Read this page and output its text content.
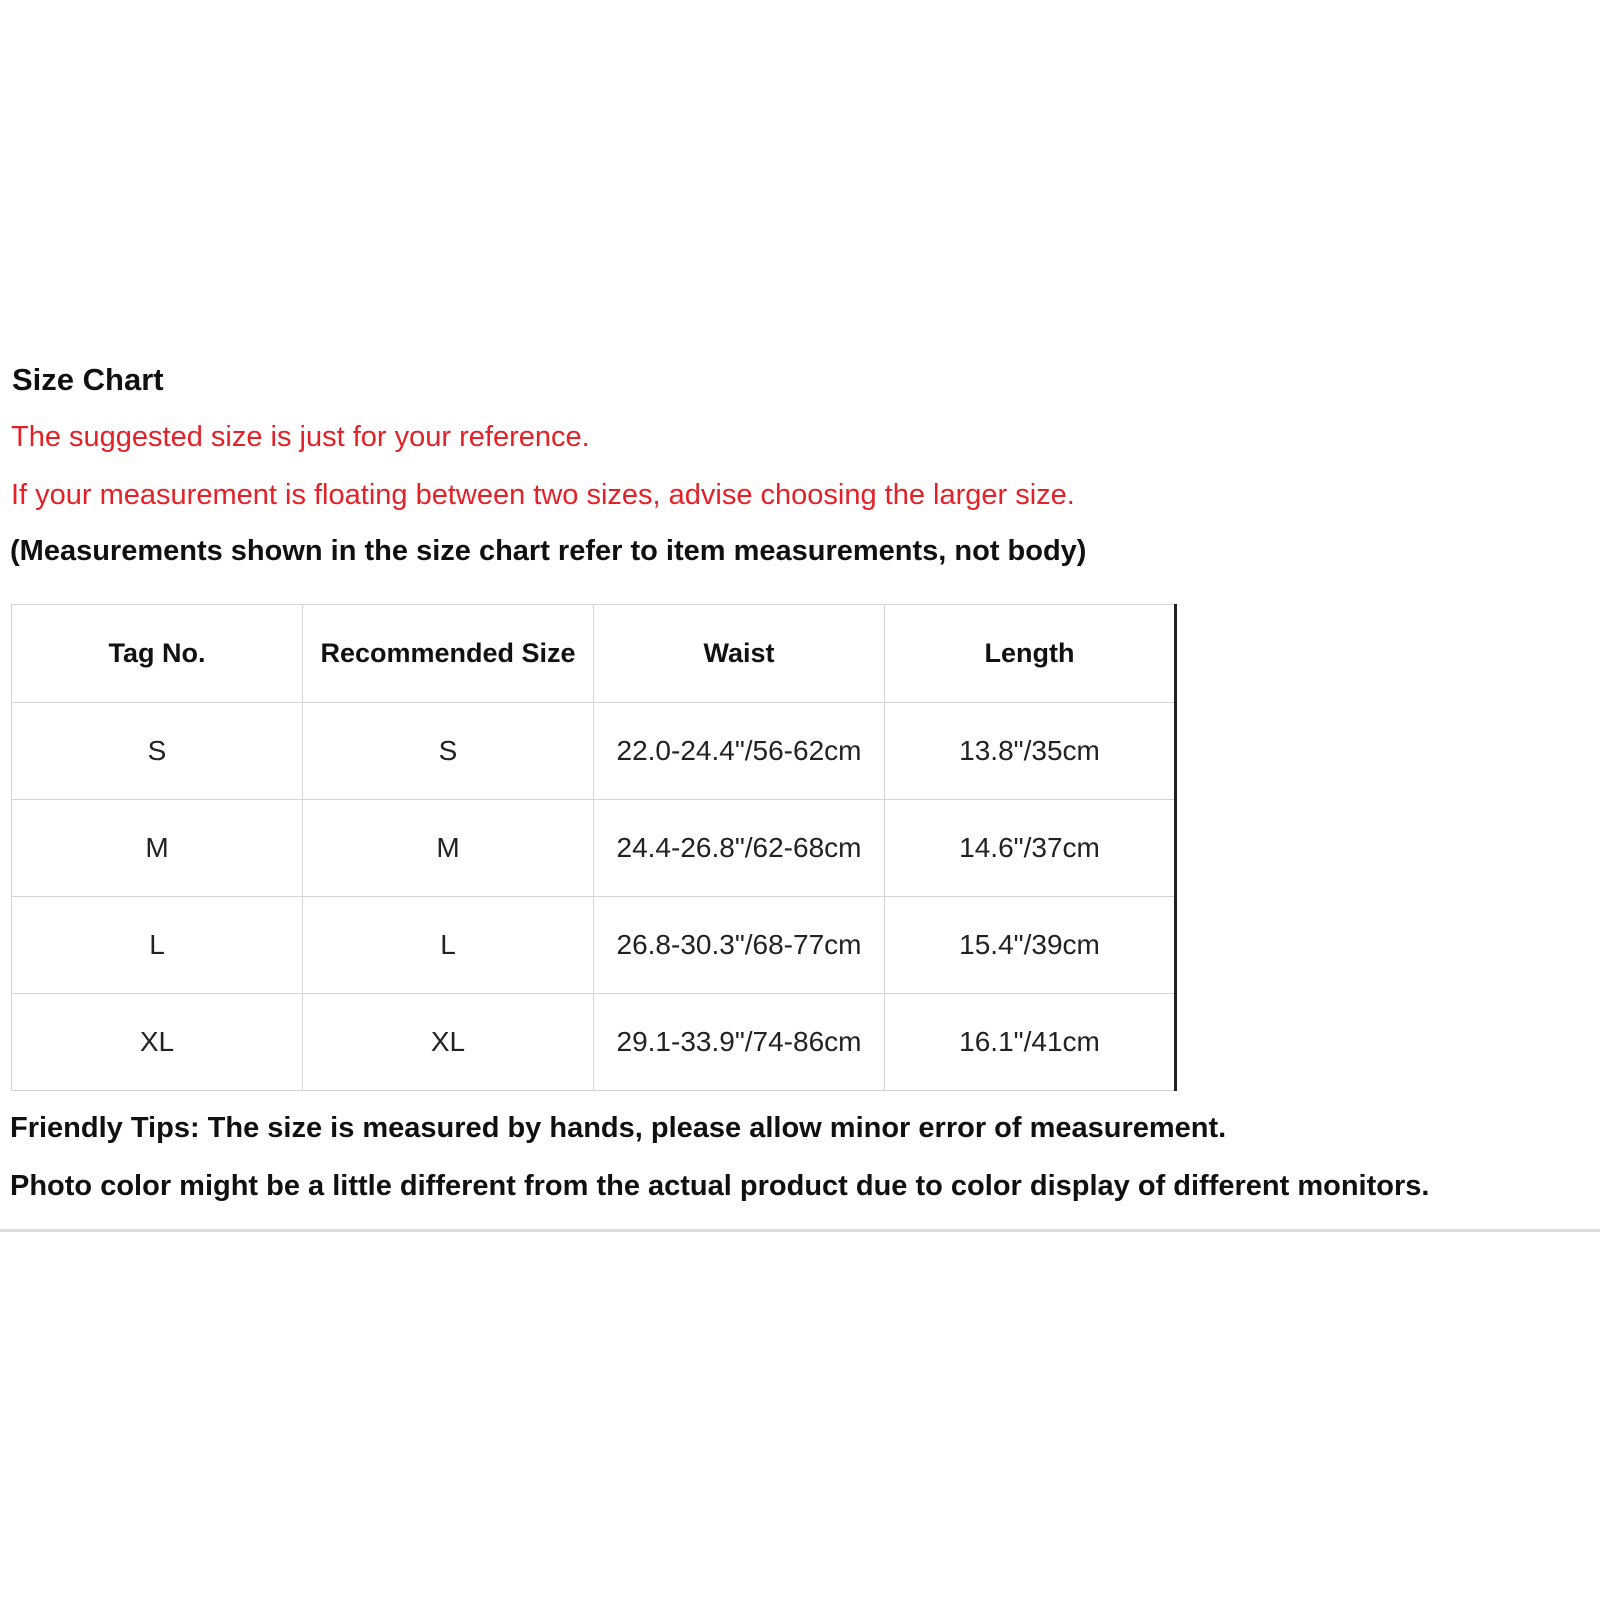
Size Chart
The suggested size is just for your reference.
If your measurement is floating between two sizes, advise choosing the larger size.
(Measurements shown in the size chart refer to item measurements, not body)
Tag No.	Recommended Size	Waist	Length
S	S	22.0-24.4"/56-62cm	13.8"/35cm
M	M	24.4-26.8"/62-68cm	14.6"/37cm
L	L	26.8-30.3"/68-77cm	15.4"/39cm
XL	XL	29.1-33.9"/74-86cm	16.1"/41cm
Friendly Tips: The size is measured by hands, please allow minor error of measurement.
Photo color might be a little different from the actual product due to color display of different monitors.
